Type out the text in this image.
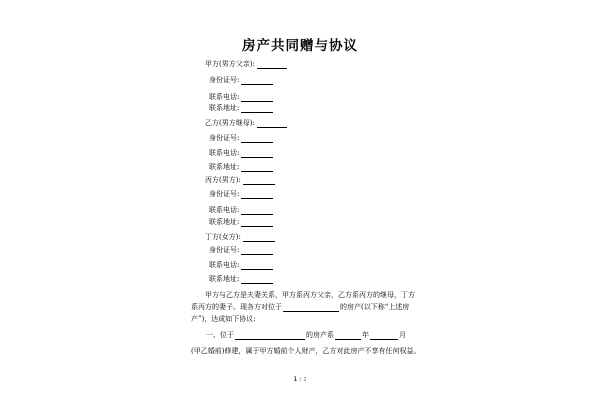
房产共同赠与协议
甲方(男方父亲):
身份证号:
联系电话:
联系地址:
乙方(男方继母):
身份证号:
联系电话:
联系地址:
丙方(男方):
身份证号:
联系电话:
联系地址:
丁方(女方):
身份证号:
联系电话:
联系地址:
甲方与乙方是夫妻关系，甲方系丙方父亲，乙方系丙方的继母，丁方
系丙方的妻子。现各方对位于	的房产(以下称“上述房
产”)，达成如下协议:
一、位于	的房产系	年	月
(甲乙婚前)修建，属于甲方婚前个人财产，乙方对此房产不享有任何权益。
1 / 2
